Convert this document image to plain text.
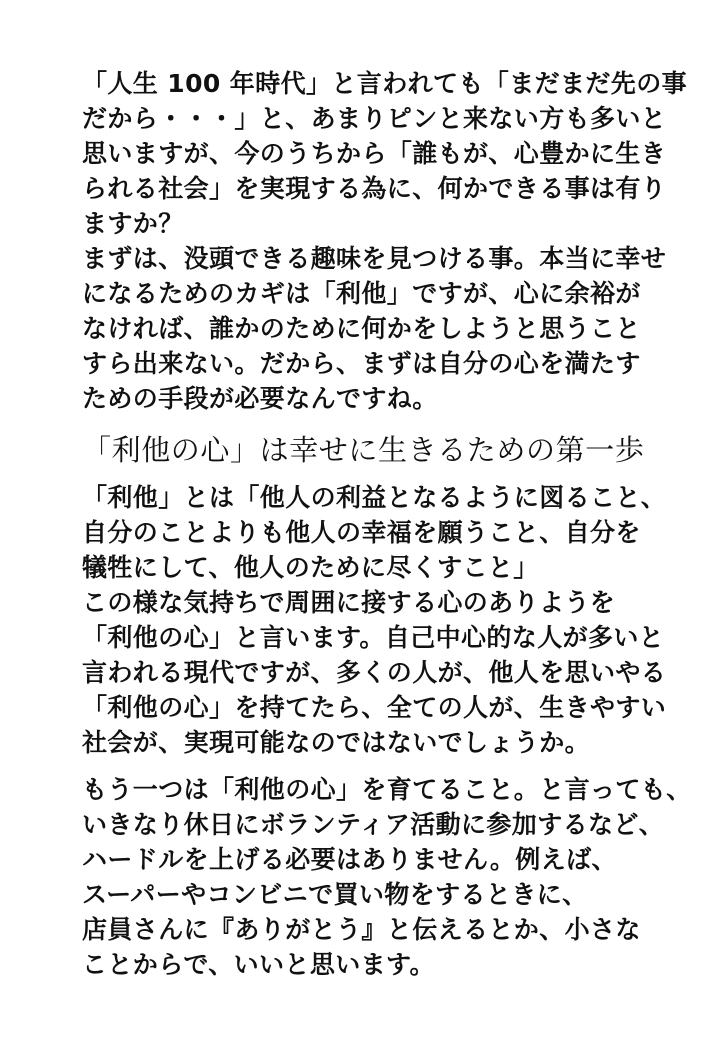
「人生 100 年時代」と言われても「まだまだ先の事
だから・・・」と、あまりピンと来ない方も多いと
思いますが、今のうちから「誰もが、心豊かに生き
られる社会」を実現する為に、何かできる事は有り
ますか？
まずは、没頭できる趣味を見つける事。本当に幸せ
になるためのカギは「利他」ですが、心に余裕が
なければ、誰かのために何かをしようと思うこと
すら出来ない。だから、まずは自分の心を満たす
ための手段が必要なんですね。
「利他の心」は幸せに生きるための第一歩
「利他」とは「他人の利益となるように図ること、
自分のことよりも他人の幸福を願うこと、自分を
犠牲にして、他人のために尽くすこと」
この様な気持ちで周囲に接する心のありようを
「利他の心」と言います。自己中心的な人が多いと
言われる現代ですが、多くの人が、他人を思いやる
「利他の心」を持てたら、全ての人が、生きやすい
社会が、実現可能なのではないでしょうか。
もう一つは「利他の心」を育てること。と言っても、
いきなり休日にボランティア活動に参加するなど、
ハードルを上げる必要はありません。例えば、
スーパーやコンビニで買い物をするときに、
店員さんに『ありがとう』と伝えるとか、小さな
ことからで、いいと思います。
